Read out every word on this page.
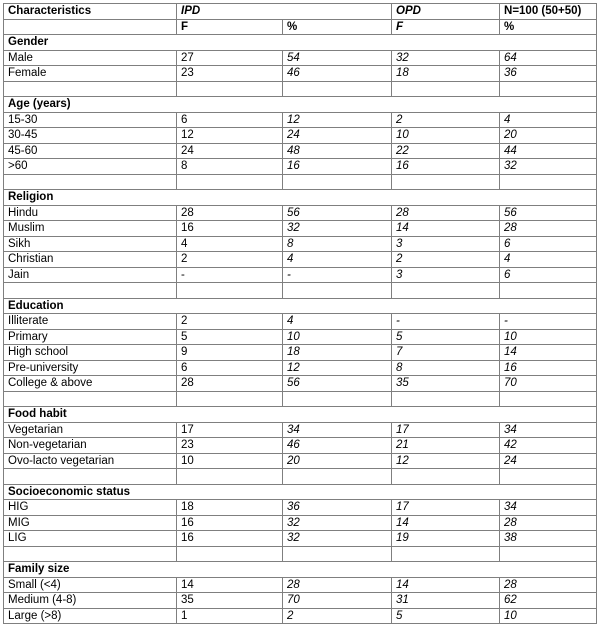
Characteristics	IPD		OPD	N=100 (50+50)
	F	%	F	%
Gender				
Male	27	54	32	64
Female	23	46	18	36

Age (years)				
15-30	6	12	2	4
30-45	12	24	10	20
45-60	24	48	22	44
>60	8	16	16	32

Religion				
Hindu	28	56	28	56
Muslim	16	32	14	28
Sikh	4	8	3	6
Christian	2	4	2	4
Jain	-	-	3	6

Education				
Illiterate	2	4	-	-
Primary	5	10	5	10
High school	9	18	7	14
Pre-university	6	12	8	16
College & above	28	56	35	70

Food habit				
Vegetarian	17	34	17	34
Non-vegetarian	23	46	21	42
Ovo-lacto vegetarian	10	20	12	24

Socioeconomic status				
HIG	18	36	17	34
MIG	16	32	14	28
LIG	16	32	19	38

Family size				
Small (<4)	14	28	14	28
Medium (4-8)	35	70	31	62
Large (>8)	1	2	5	10
